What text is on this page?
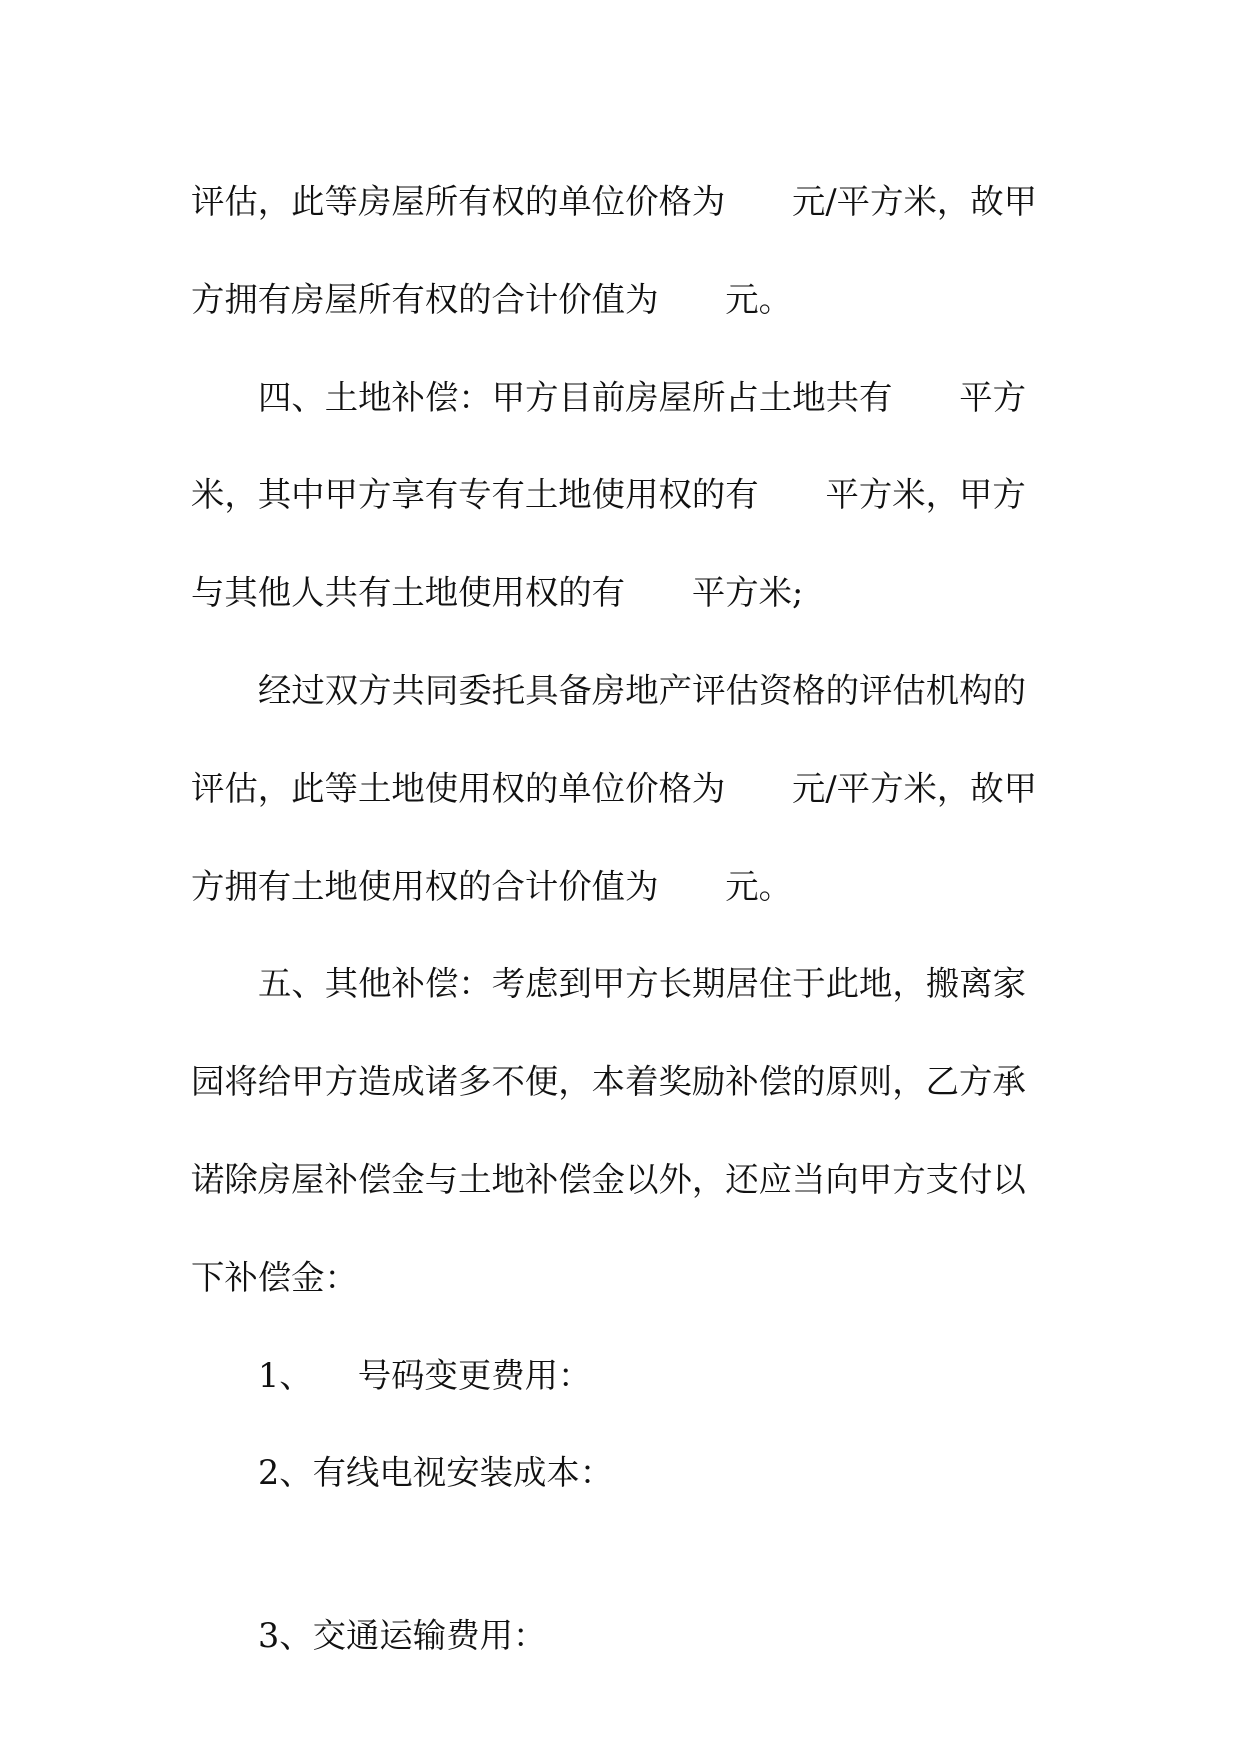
评估，此等房屋所有权的单位价格为 元/平方米，故甲
方拥有房屋所有权的合计价值为 元。
四、土地补偿：甲方目前房屋所占土地共有 平方
米，其中甲方享有专有土地使用权的有 平方米，甲方
与其他人共有土地使用权的有 平方米;
经过双方共同委托具备房地产评估资格的评估机构的
评估，此等土地使用权的单位价格为 元/平方米，故甲
方拥有土地使用权的合计价值为 元。
五、其他补偿：考虑到甲方长期居住于此地，搬离家
园将给甲方造成诸多不便，本着奖励补偿的原则，乙方承
诺除房屋补偿金与土地补偿金以外，还应当向甲方支付以
下补偿金：
1、 号码变更费用：
2、有线电视安装成本：
3、交通运输费用：
